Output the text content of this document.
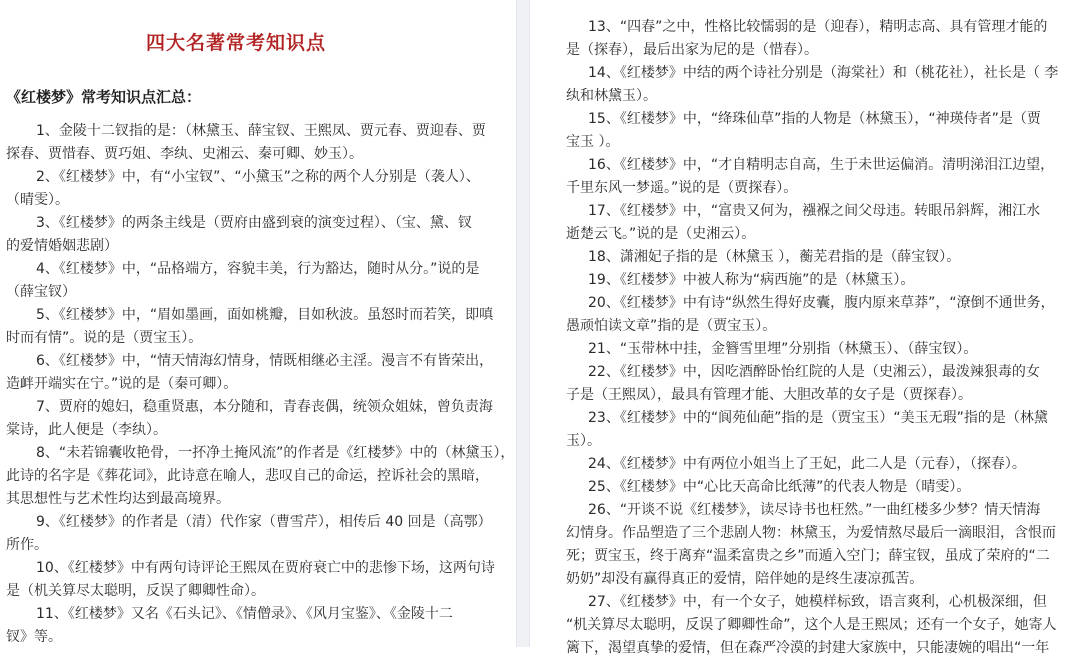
四大名著常考知识点
《红楼梦》常考知识点汇总：
1、金陵十二钗指的是：（林黛玉、薛宝钗、王熙凤、贾元春、贾迎春、贾
探春、贾惜春、贾巧姐、李纨、史湘云、秦可卿、妙玉）。
2、《红楼梦》中，有“小宝钗”、“小黛玉”之称的两个人分别是（袭人）、
（晴雯）。
3、《红楼梦》的两条主线是（贾府由盛到衰的演变过程）、（宝、黛、钗
的爱情婚姻悲剧）
4、《红楼梦》中，“品格端方，容貌丰美，行为豁达，随时从分。”说的是
（薛宝钗）
5、《红楼梦》中，“眉如墨画，面如桃瓣，目如秋波。虽怒时而若笑，即嗔
时而有情”。说的是（贾宝玉）。
6、《红楼梦》中，“情天情海幻情身，情既相继必主淫。漫言不有皆荣出，
造衅开端实在宁。”说的是（秦可卿）。
7、贾府的媳妇，稳重贤惠，本分随和，青春丧偶，统领众姐妹，曾负责海
棠诗，此人便是（李纨）。
8、“未若锦囊收艳骨，一抔净土掩风流”的作者是《红楼梦》中的（林黛玉），
此诗的名字是《葬花词》，此诗意在喻人，悲叹自己的命运，控诉社会的黑暗，
其思想性与艺术性均达到最高境界。
9、《红楼梦》的作者是（清）代作家（曹雪芹），相传后 40 回是（高鄂）
所作。
10、《红楼梦》中有两句诗评论王熙凤在贾府衰亡中的悲惨下场，这两句诗
是（机关算尽太聪明，反误了卿卿性命）。
11、《红楼梦》又名《石头记》、《情僧录》、《风月宝鉴》、《金陵十二
钗》等。
13、“四春”之中，性格比较懦弱的是（迎春），精明志高、具有管理才能的
是（探春），最后出家为尼的是（惜春）。
14、《红楼梦》中结的两个诗社分别是（海棠社）和（桃花社），社长是（ 李
纨和林黛玉）。
15、《红楼梦》中，“绛珠仙草”指的人物是（林黛玉），“神瑛侍者”是（贾
宝玉 ）。
16、《红楼梦》中，“才自精明志自高，生于未世运偏消。清明涕泪江边望，
千里东风一梦遥。”说的是（贾探春）。
17、《红楼梦》中，“富贵又何为，襁褓之间父母违。转眼吊斜辉，湘江水
逝楚云飞。”说的是（史湘云）。
18、潇湘妃子指的是（林黛玉 ），蘅芜君指的是（薛宝钗）。
19、《红楼梦》中被人称为“病西施”的是（林黛玉）。
20、《红楼梦》中有诗“纵然生得好皮囊，腹内原来草莽”，“潦倒不通世务，
愚顽怕读文章”指的是（贾宝玉）。
21、“玉带林中挂，金簪雪里埋”分别指（林黛玉）、（薛宝钗）。
22、《红楼梦》中，因吃酒醉卧怡红院的人是（史湘云），最泼辣狠毒的女
子是（王熙凤），最具有管理才能、大胆改革的女子是（贾探春）。
23、《红楼梦》中的“阆苑仙葩”指的是（贾宝玉）“美玉无瑕”指的是（林黛
玉）。
24、《红楼梦》中有两位小姐当上了王妃，此二人是（元春），（探春）。
25、《红楼梦》中“心比天高命比纸薄”的代表人物是（晴雯）。
26、“开谈不说《红楼梦》，读尽诗书也枉然。”一曲红楼多少梦？情天情海
幻情身。作品塑造了三个悲剧人物：林黛玉，为爱情熬尽最后一滴眼泪，含恨而
死；贾宝玉，终于离弃“温柔富贵之乡”而遁入空门；薛宝钗，虽成了荣府的“二
奶奶”却没有赢得真正的爱情，陪伴她的是终生凄凉孤苦。
27、《红楼梦》中，有一个女子，她模样标致，语言爽利，心机极深细，但
“机关算尽太聪明，反误了卿卿性命”，这个人是王熙凤；还有一个女子，她寄人
篱下，渴望真挚的爱情，但在森严冷漠的封建大家族中，只能凄婉的唱出“一年
